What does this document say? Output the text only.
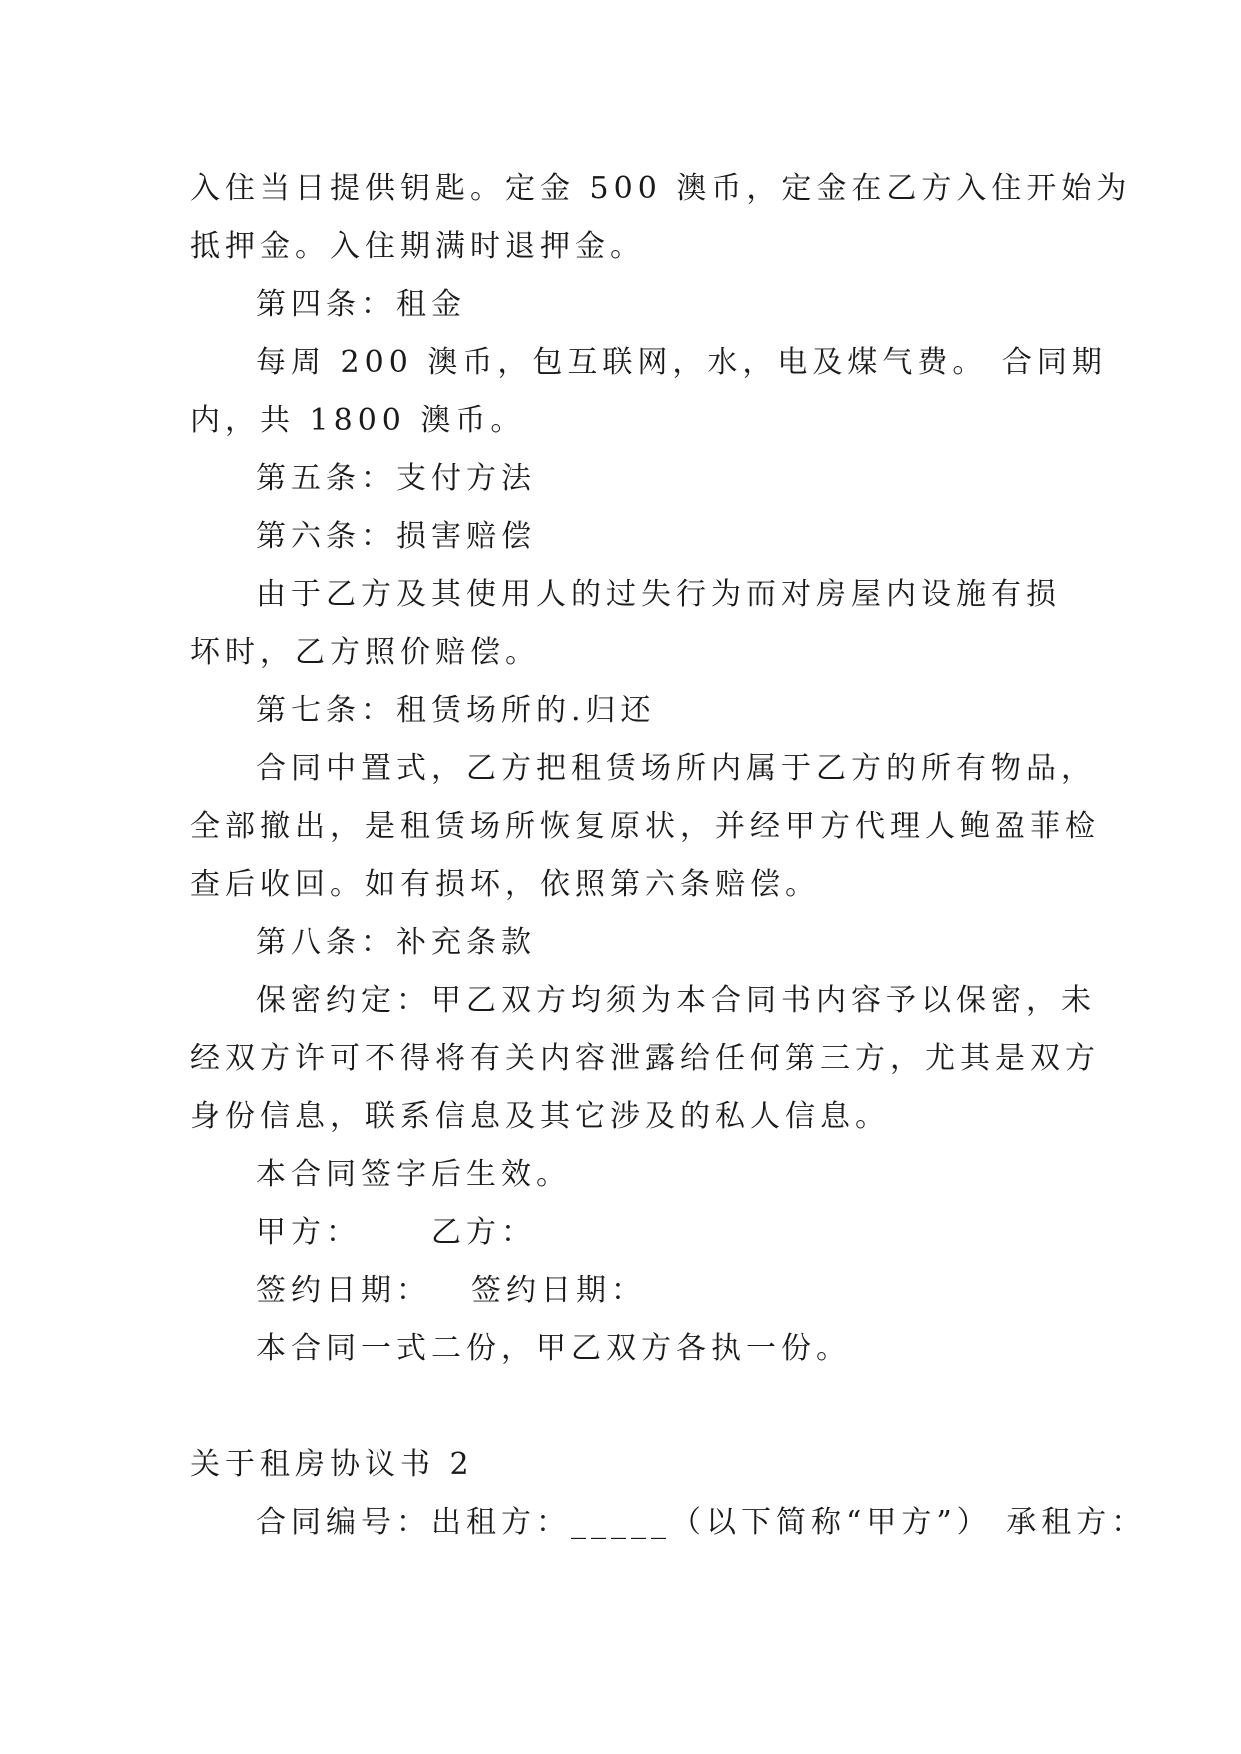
入住当日提供钥匙。定金 500 澳币，定金在乙方入住开始为
抵押金。入住期满时退押金。
第四条：租金
每周 200 澳币，包互联网，水，电及煤气费。 合同期
内，共 1800 澳币。
第五条：支付方法
第六条：损害赔偿
由于乙方及其使用人的过失行为而对房屋内设施有损
坏时，乙方照价赔偿。
第七条：租赁场所的.归还
合同中置式，乙方把租赁场所内属于乙方的所有物品，
全部撤出，是租赁场所恢复原状，并经甲方代理人鲍盈菲检
查后收回。如有损坏，依照第六条赔偿。
第八条：补充条款
保密约定：甲乙双方均须为本合同书内容予以保密，未
经双方许可不得将有关内容泄露给任何第三方，尤其是双方
身份信息，联系信息及其它涉及的私人信息。
本合同签字后生效。
甲方： 乙方：
签约日期： 签约日期：
本合同一式二份，甲乙双方各执一份。
关于租房协议书 2
合同编号：出租方：_____（以下简称“甲方”） 承租方：
